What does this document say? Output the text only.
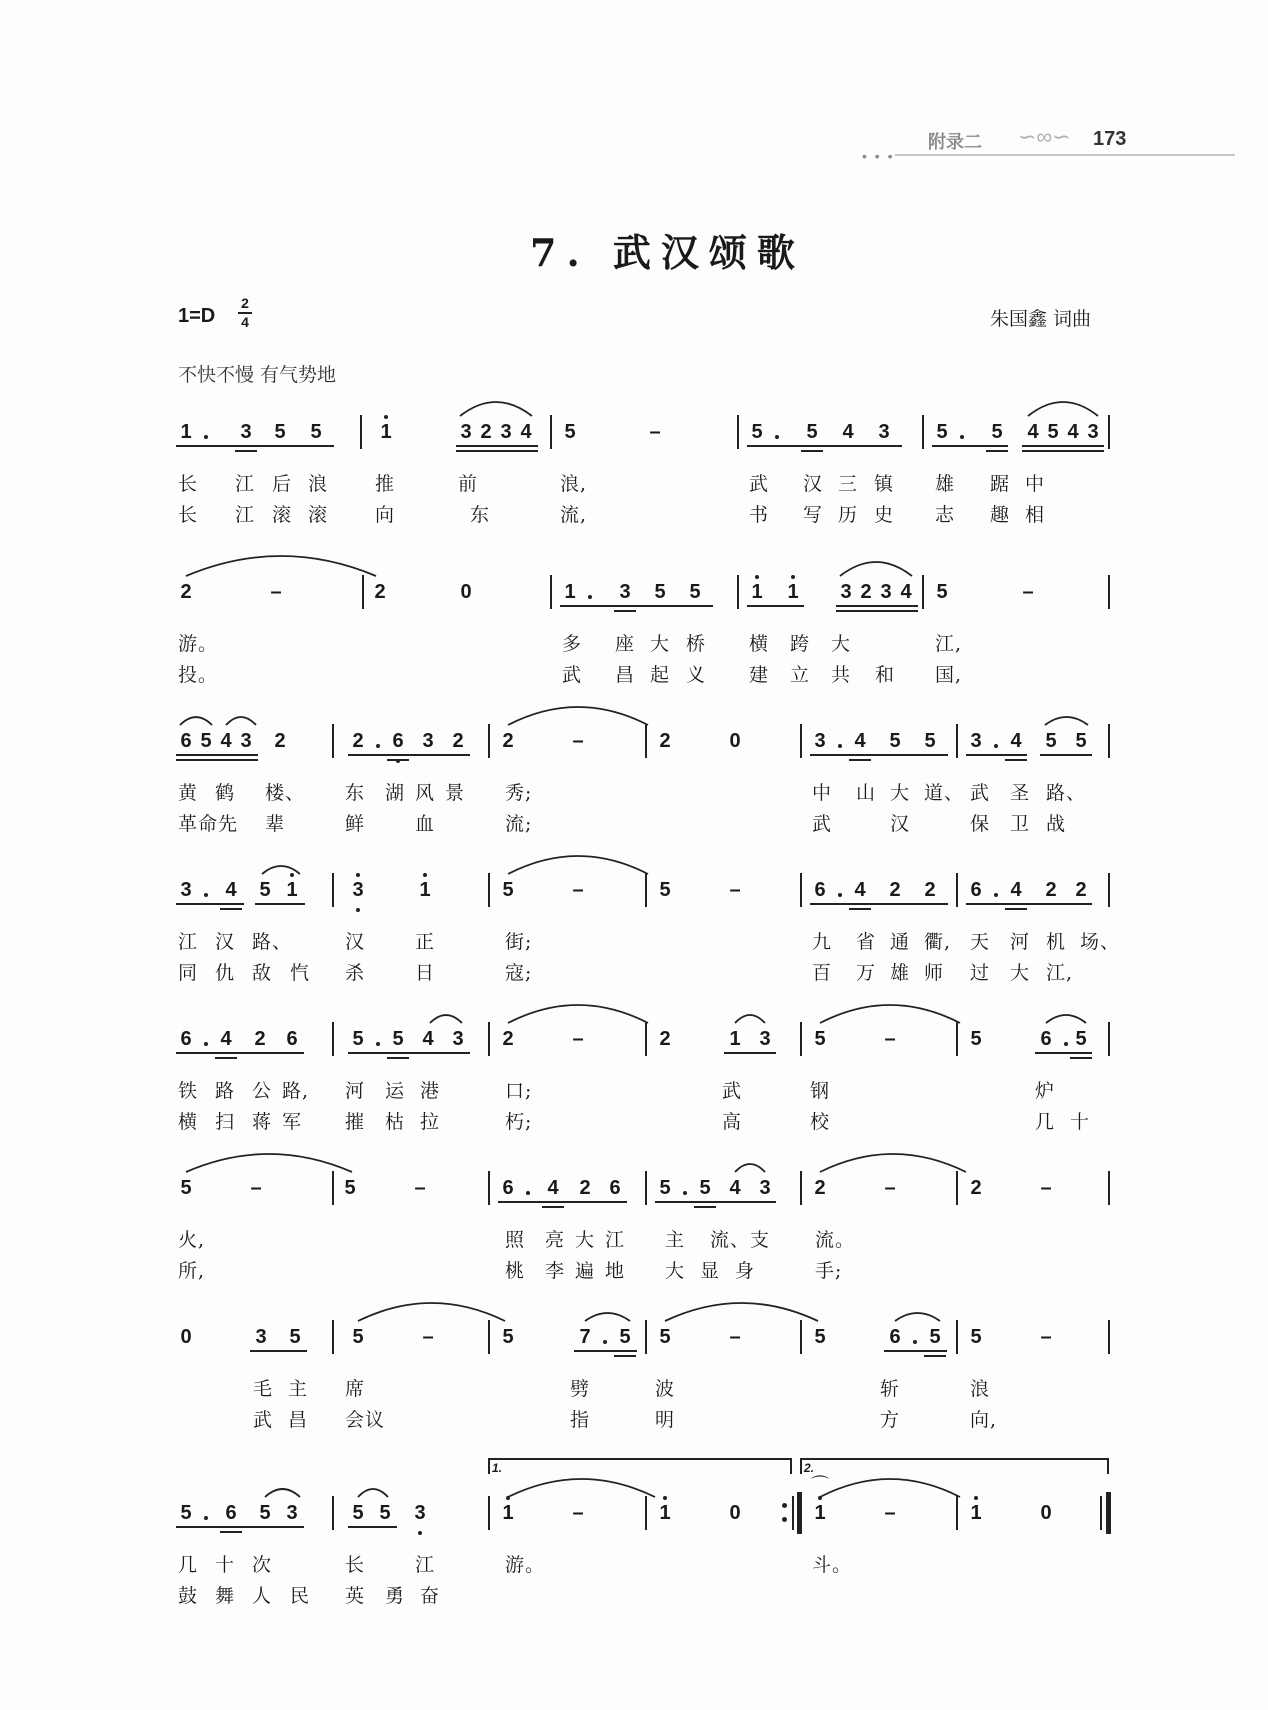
• • •
附录二 ∽∞∽ 173
7. 武汉颂歌
1=D
2
4	朱国鑫 词曲
不快不慢 有气势地
1 3 5 5	1	3 2 3 4 5	–	5 5 4 3 5 5 4 5 4 3
长 江 后 浪 推	前	浪,	武 汉 三 镇 雄 踞 中
长 江 滚 滚 向	东	流,	书 写 历 史 志 趣 相
2	–	2	0	1 3 5 5	1 1 3 2 3 4 5	–
游。	多 座 大 桥 横 跨 大	江,
投。	武 昌 起 义 建 立 共 和 国,
6 5 4 3 2	2 6 3 2 2	–	2	0	3 4 5 5 3 4 5 5
黄 鹤 楼、 东 湖 风 景 秀;	中 山 大 道、 武 圣 路、
革命先 辈	鲜	血	流;	武	汉	保 卫 战
3 4 5 1	3	1	5	–	5	–	6 4 2 2 6 4 2 2
江 汉 路、	汉	正	街;	九 省 通 衢, 天 河 机 场、
同 仇 敌 忾 杀	日	寇;	百 万 雄 师 过 大 江,
6 4 2 6	5 5 4 3 2	–	2	1 3 5	–	5	6 5
铁 路 公 路, 河 运 港	口;	武	钢	炉
横 扫 蒋 军 摧 枯 拉	朽;	高	校	几 十
5	–	5	–	6 4 2 6 5 5 4 3 2	–	2	–
火,	照 亮 大 江 主 流、支 流。
所,	桃 李 遍 地 大 显 身	手;
0	3 5	5	–	5	7 5 5	–	5	6 5 5	–
毛 主 席	劈	波	斩	浪
武 昌 会议	指	明	方	向,
5 6 5 3	5 5 3	1	–	1	0	1
⌒
–	1	0
几 十 次	长	江	游。	斗。
鼓 舞 人 民 英 勇 奋
1.	2.
